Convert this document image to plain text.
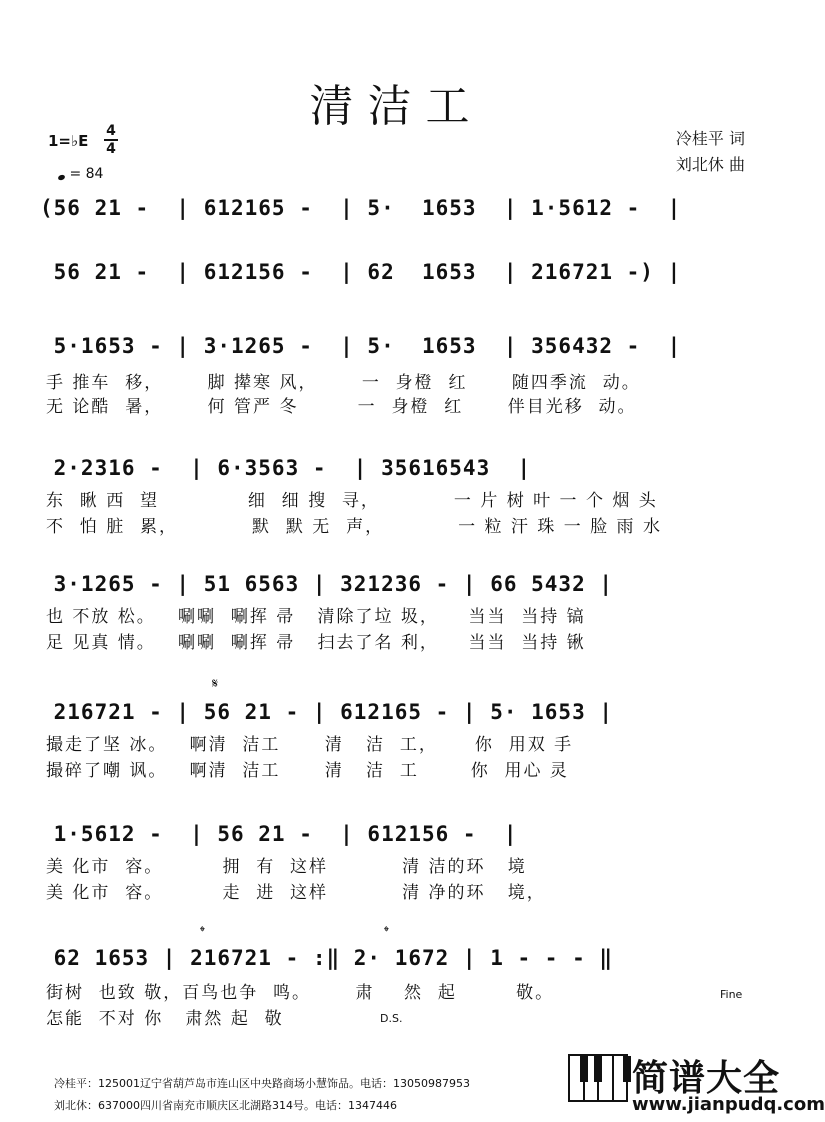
清洁工
1=♭E
4
4
= 84
冷桂平 词
刘北休 曲
(56 21 -  | 612165 -  | 5·  1653  | 1·5612 -  |
56 21 -  | 612156 -  | 62  1653  | 216721 -) |
5·1653 - | 3·1265 -  | 5·  1653  | 356432 -  |
手 推车  移，      脚 撵寒 风，      一  身橙  红      随四季流  动。
无 论酷  暑，      何 管严 冬        一  身橙  红      伴目光移  动。
2·2316 -  | 6·3563 -  | 35616543  |
东  瞅 西  望            细  细 搜  寻，          一 片 树 叶 一 个 烟 头
不  怕 脏  累，          默  默 无  声，          一 粒 汗 珠 一 脸 雨 水
3·1265 - | 51 6563 | 321236 - | 66 5432 |
也 不放 松。   唰唰  唰挥 帚   清除了垃 圾，    当当  当持 镐
足 见真 情。   唰唰  唰挥 帚   扫去了名 利，    当当  当持 锹
𝄋
216721 - | 56 21 - | 612165 - | 5· 1653 |
撮走了坚 冰。   啊清  洁工      清   洁  工，     你  用双 手
撮碎了嘲 讽。   啊清  洁工      清   洁  工       你  用心 灵
1·5612 -  | 56 21 -  | 612156 -  |
美 化市  容。        拥  有  这样          清 洁的环   境
美 化市  容。        走  进  这样          清 净的环   境，
𝄌	𝄌
62 1653 | 216721 - :‖ 2· 1672 | 1 - - - ‖
街树  也致 敬，百鸟也争  鸣。      肃    然  起        敬。
怎能  不对 你   肃然 起  敬	D.S.
Fine
冷桂平：125001辽宁省葫芦岛市连山区中央路商场小慧饰品。电话：13050987953
刘北休：637000四川省南充市顺庆区北湖路314号。电话：1347446
简谱大全
www.jianpudq.com
